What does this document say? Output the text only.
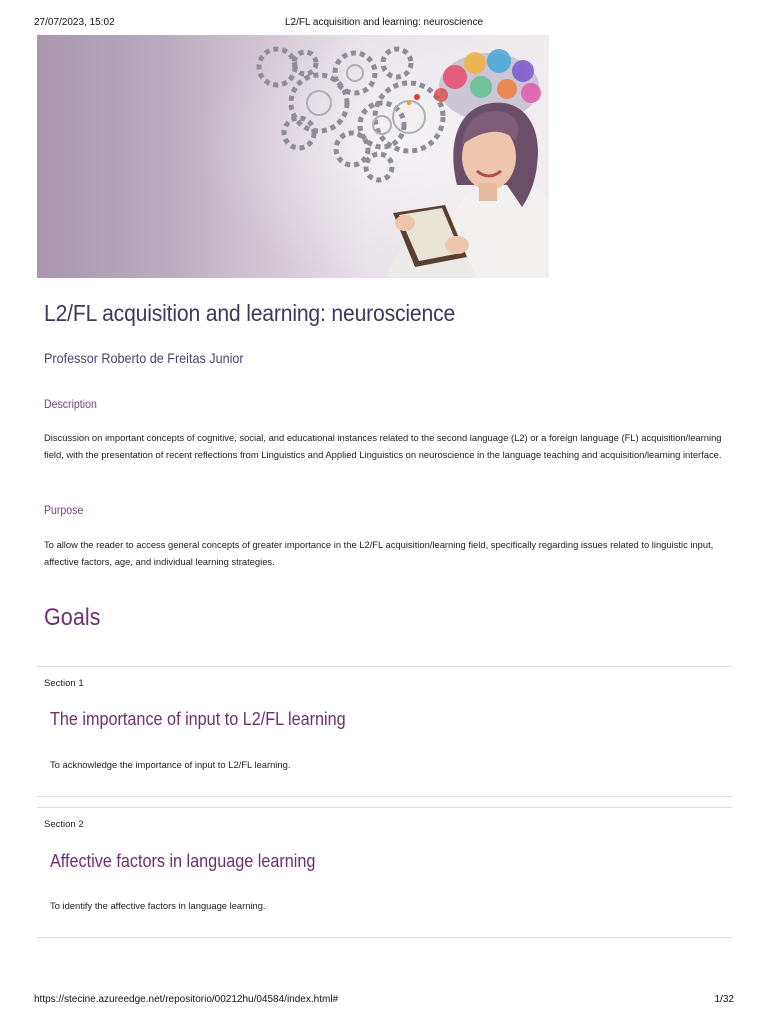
27/07/2023, 15:02	L2/FL acquisition and learning: neuroscience
L2/FL acquisition and learning: neuroscience
Professor Roberto de Freitas Junior
Description
Discussion on important concepts of cognitive, social, and educational instances related to the second language (L2) or a foreign language (FL) acquisition/learning field, with the presentation of recent reflections from Linguistics and Applied Linguistics on neuroscience in the language teaching and acquisition/learning interface.
Purpose
To allow the reader to access general concepts of greater importance in the L2/FL acquisition/learning field, specifically regarding issues related to linguistic input, affective factors, age, and individual learning strategies.
Goals
Section 1
The importance of input to L2/FL learning
To acknowledge the importance of input to L2/FL learning.
Section 2
Affective factors in language learning
To identify the affective factors in language learning.
https://stecine.azureedge.net/repositorio/00212hu/04584/index.html#	1/32
